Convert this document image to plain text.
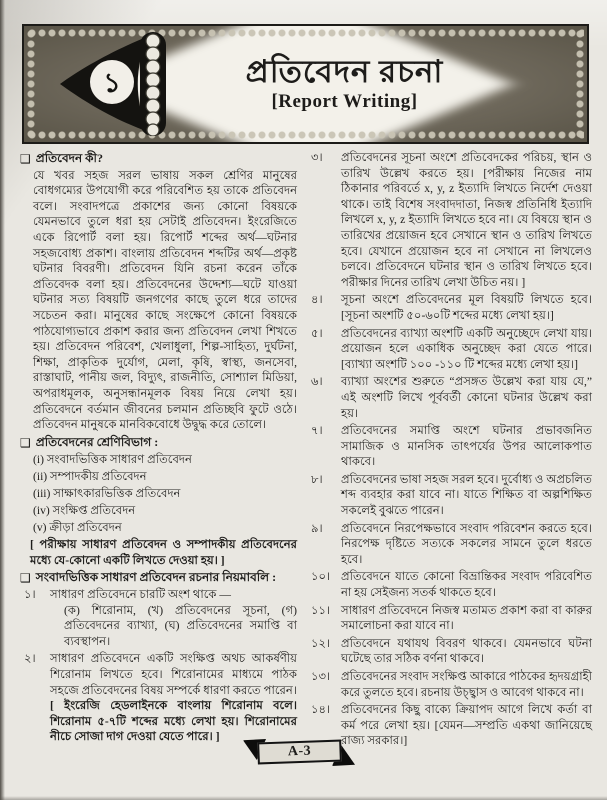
১	প্রতিবেদন রচনা
[Report Writing]
❑ প্রতিবেদন কী?

যে খবর সহজ সরল ভাষায় সকল শ্রেণির মানুষের বোধগম্যের উপযোগী করে পরিবেশিত হয় তাকে প্রতিবেদন বলে। সংবাদপত্রে প্রকাশের জন্য কোনো বিষয়কে যেমনভাবে তুলে ধরা হয় সেটাই প্রতিবেদন। ইংরেজিতে একে রিপোর্ট বলা হয়। রিপোর্ট শব্দের অর্থ—ঘটনার সহজবোধ্য প্রকাশ। বাংলায় প্রতিবেদন শব্দটির অর্থ—প্রকৃষ্ট ঘটনার বিবরণী। প্রতিবেদন যিনি রচনা করেন তাঁকে প্রতিবেদক বলা হয়। প্রতিবেদনের উদ্দেশ্য—ঘটে যাওয়া ঘটনার সত্য বিষয়টি জনগণের কাছে তুলে ধরে তাদের সচেতন করা। মানুষের কাছে সংক্ষেপে কোনো বিষয়কে পাঠযোগ্যভাবে প্রকাশ করার জন্য প্রতিবেদন লেখা শিখতে হয়। প্রতিবেদন পরিবেশ, খেলাধুলা, শিল্প-সাহিত্য, দুর্ঘটনা, শিক্ষা, প্রাকৃতিক দুর্যোগ, মেলা, কৃষি, স্বাস্থ্য, জনসেবা, রাস্তাঘাট, পানীয় জল, বিদ্যুৎ, রাজনীতি, সোশ্যাল মিডিয়া, অপরাধমূলক, অনুসন্ধানমূলক বিষয় নিয়ে লেখা হয়। প্রতিবেদনে বর্তমান জীবনের চলমান প্রতিচ্ছবি ফুটে ওঠে। প্রতিবেদন মানুষকে মানবিকবোধে উদ্বুদ্ধ করে তোলে।

❑ প্রতিবেদনের শ্রেণিবিভাগ :
(i) সংবাদভিত্তিক সাধারণ প্রতিবেদন
(ii) সম্পাদকীয় প্রতিবেদন
(iii) সাক্ষাৎকারভিত্তিক প্রতিবেদন
(iv) সংক্ষিপ্ত প্রতিবেদন
(v) ক্রীড়া প্রতিবেদন
[ পরীক্ষায় সাধারণ প্রতিবেদন ও সম্পাদকীয় প্রতিবেদনের মধ্যে যে-কোনো একটি লিখতে দেওয়া হয়। ]
❑ সংবাদভিত্তিক সাধারণ প্রতিবেদন রচনার নিয়মাবলি :
১।	সাধারণ প্রতিবেদনে চারটি অংশ থাকে —
(ক) শিরোনাম, (খ) প্রতিবেদনের সূচনা, (গ) প্রতিবেদনের ব্যাখ্যা, (ঘ) প্রতিবেদনের সমাপ্তি বা ব্যবস্থাপন।
২।	সাধারণ প্রতিবেদনে একটি সংক্ষিপ্ত অথচ আকর্ষণীয় শিরোনাম লিখতে হবে। শিরোনামের মাধ্যমে পাঠক সহজে প্রতিবেদনের বিষয় সম্পর্কে ধারণা করতে পারেন। [ ইংরেজি হেডলাইনকে বাংলায় শিরোনাম বলে। শিরোনাম ৫-৭টি শব্দের মধ্যে লেখা হয়। শিরোনামের নীচে সোজা দাগ দেওয়া যেতে পারে। ]
৩।	প্রতিবেদনের সূচনা অংশে প্রতিবেদকের পরিচয়, স্থান ও তারিখ উল্লেখ করতে হয়। [পরীক্ষায় নিজের নাম ঠিকানার পরিবর্তে x, y, z ইত্যাদি লিখতে নির্দেশ দেওয়া থাকে। তাই বিশেষ সংবাদদাতা, নিজস্ব প্রতিনিধি ইত্যাদি লিখলে x, y, z ইত্যাদি লিখতে হবে না। যে বিষয়ে স্থান ও তারিখের প্রয়োজন হবে সেখানে স্থান ও তারিখ লিখতে হবে। যেখানে প্রয়োজন হবে না সেখানে না লিখলেও চলবে। প্রতিবেদনে ঘটনার স্থান ও তারিখ লিখতে হবে। পরীক্ষার দিনের তারিখ লেখা উচিত নয়। ]
৪।	সূচনা অংশে প্রতিবেদনের মূল বিষয়টি লিখতে হবে। [সূচনা অংশটি ৫০-৬০টি শব্দের মধ্যে লেখা হয়।]
৫।	প্রতিবেদনের ব্যাখ্যা অংশটি একটি অনুচ্ছেদে লেখা যায়। প্রয়োজন হলে একাধিক অনুচ্ছেদ করা যেতে পারে। [ব্যাখ্যা অংশটি ১০০ -১১০ টি শব্দের মধ্যে লেখা হয়।]
৬।	ব্যাখ্যা অংশের শুরুতে “প্রসঙ্গত উল্লেখ করা যায় যে,” এই অংশটি লিখে পূর্ববর্তী কোনো ঘটনার উল্লেখ করা হয়।
৭।	প্রতিবেদনের সমাপ্তি অংশে ঘটনার প্রভাবজনিত সামাজিক ও মানসিক তাৎপর্যের উপর আলোকপাত থাকবে।
৮।	প্রতিবেদনের ভাষা সহজ সরল হবে। দুর্বোধ্য ও অপ্রচলিত শব্দ ব্যবহার করা যাবে না। যাতে শিক্ষিত বা অল্পশিক্ষিত সকলেই বুঝতে পারেন।
৯।	প্রতিবেদনে নিরপেক্ষভাবে সংবাদ পরিবেশন করতে হবে। নিরপেক্ষ দৃষ্টিতে সত্যকে সকলের সামনে তুলে ধরতে হবে।
১০। প্রতিবেদনে যাতে কোনো বিভ্রান্তিকর সংবাদ পরিবেশিত না হয় সেইজন্য সতর্ক থাকতে হবে।
১১। সাধারণ প্রতিবেদনে নিজস্ব মতামত প্রকাশ করা বা কারুর সমালোচনা করা যাবে না।
১২। প্রতিবেদনে যথাযথ বিবরণ থাকবে। যেমনভাবে ঘটনা ঘটেছে তার সঠিক বর্ণনা থাকবে।
১৩। প্রতিবেদনের সংবাদ সংক্ষিপ্ত আকারে পাঠকের হৃদয়গ্রাহী করে তুলতে হবে। রচনায় উচ্ছ্বাস ও আবেগ থাকবে না।
১৪। প্রতিবেদনের কিছু বাক্যে ক্রিয়াপদ আগে লিখে কর্তা বা কর্ম পরে লেখা হয়। [যেমন—সম্প্রতি একথা জানিয়েছে রাজ্য সরকার।]
A-3
